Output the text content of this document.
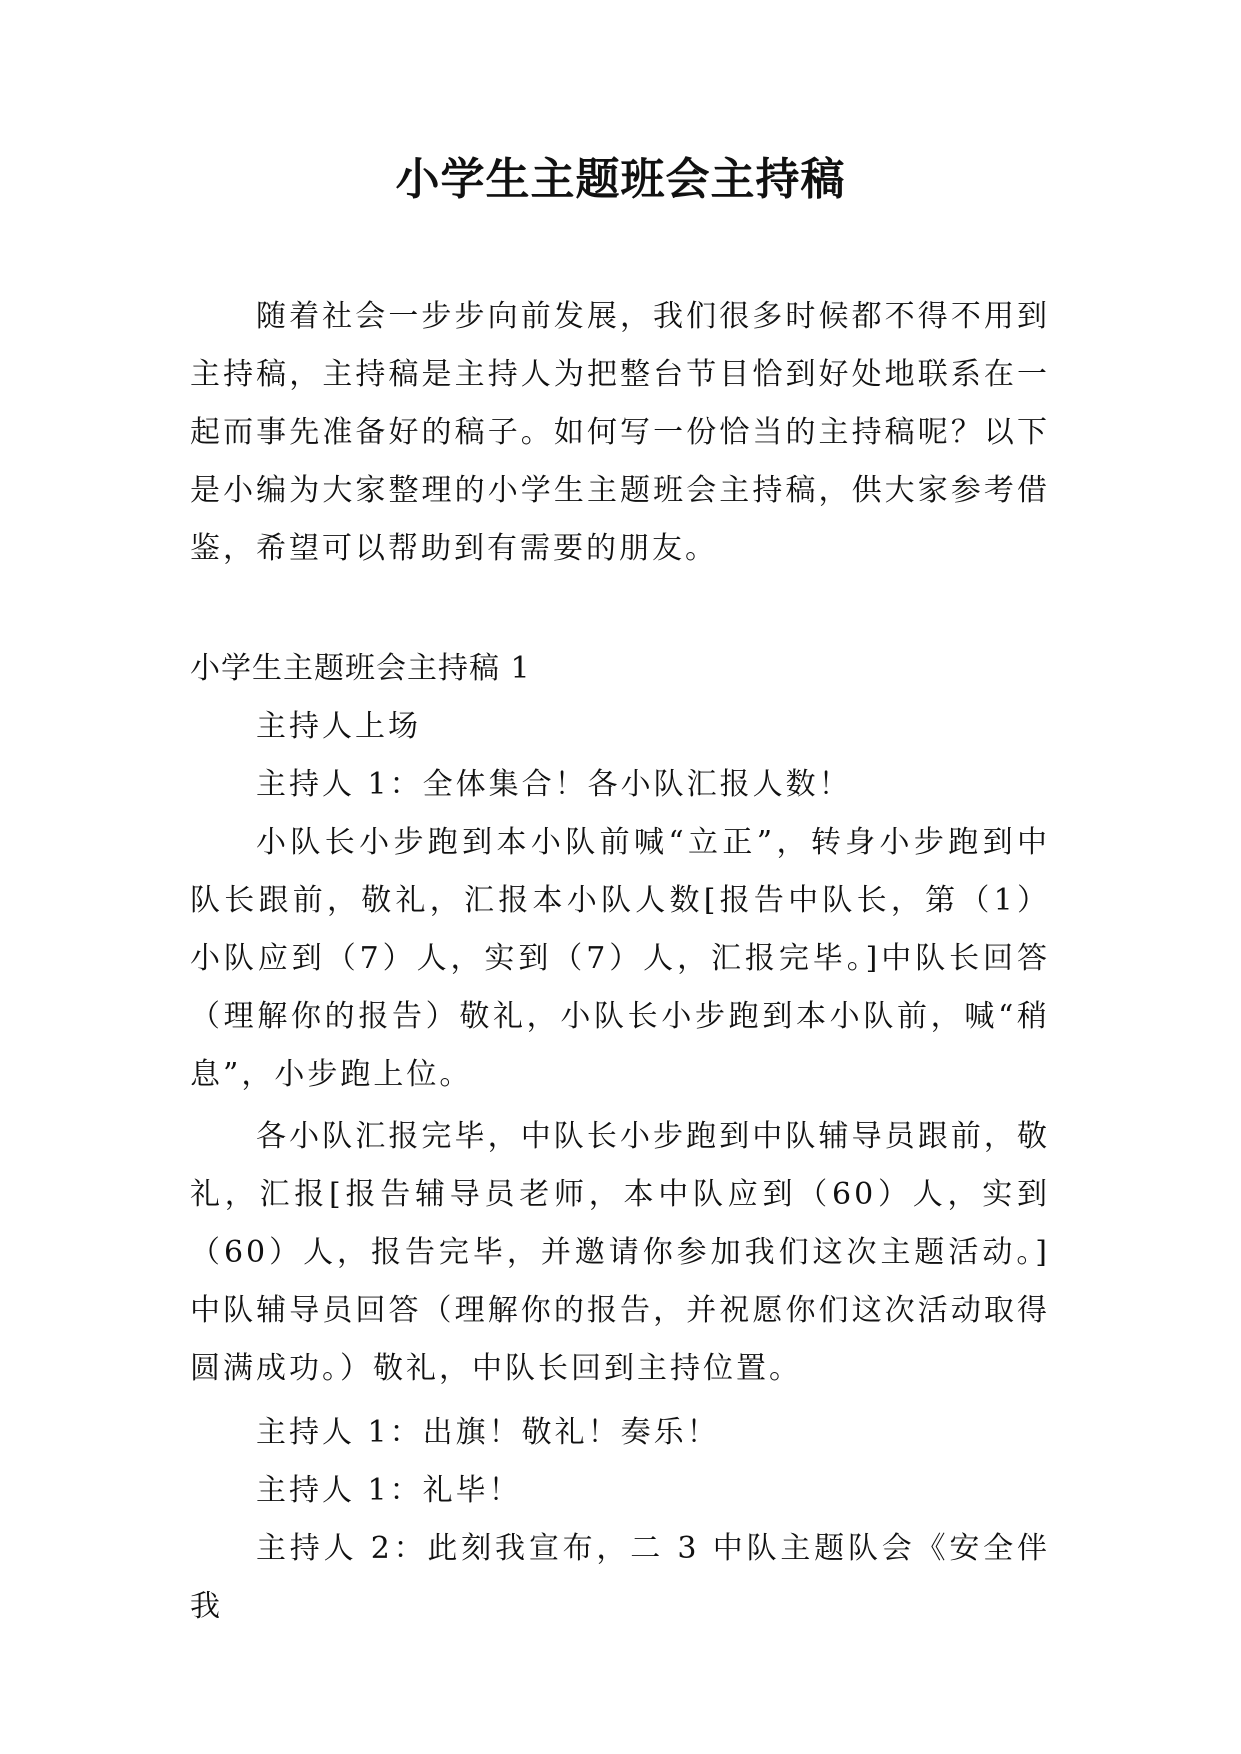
小学生主题班会主持稿

随着社会一步步向前发展，我们很多时候都不得不用到主持稿，主持稿是主持人为把整台节目恰到好处地联系在一起而事先准备好的稿子。如何写一份恰当的主持稿呢？以下是小编为大家整理的小学生主题班会主持稿，供大家参考借鉴，希望可以帮助到有需要的朋友。

小学生主题班会主持稿 1

主持人上场

主持人 1：全体集合！各小队汇报人数！

小队长小步跑到本小队前喊“立正”，转身小步跑到中队长跟前，敬礼，汇报本小队人数[报告中队长，第（1）小队应到（7）人，实到（7）人，汇报完毕。]中队长回答（理解你的报告）敬礼，小队长小步跑到本小队前，喊“稍息”，小步跑上位。

各小队汇报完毕，中队长小步跑到中队辅导员跟前，敬礼，汇报[报告辅导员老师，本中队应到（60）人，实到（60）人，报告完毕，并邀请你参加我们这次主题活动。]中队辅导员回答（理解你的报告，并祝愿你们这次活动取得圆满成功。）敬礼，中队长回到主持位置。

主持人 1：出旗！敬礼！奏乐！

主持人 1：礼毕！

主持人 2：此刻我宣布，二 3 中队主题队会《安全伴我
